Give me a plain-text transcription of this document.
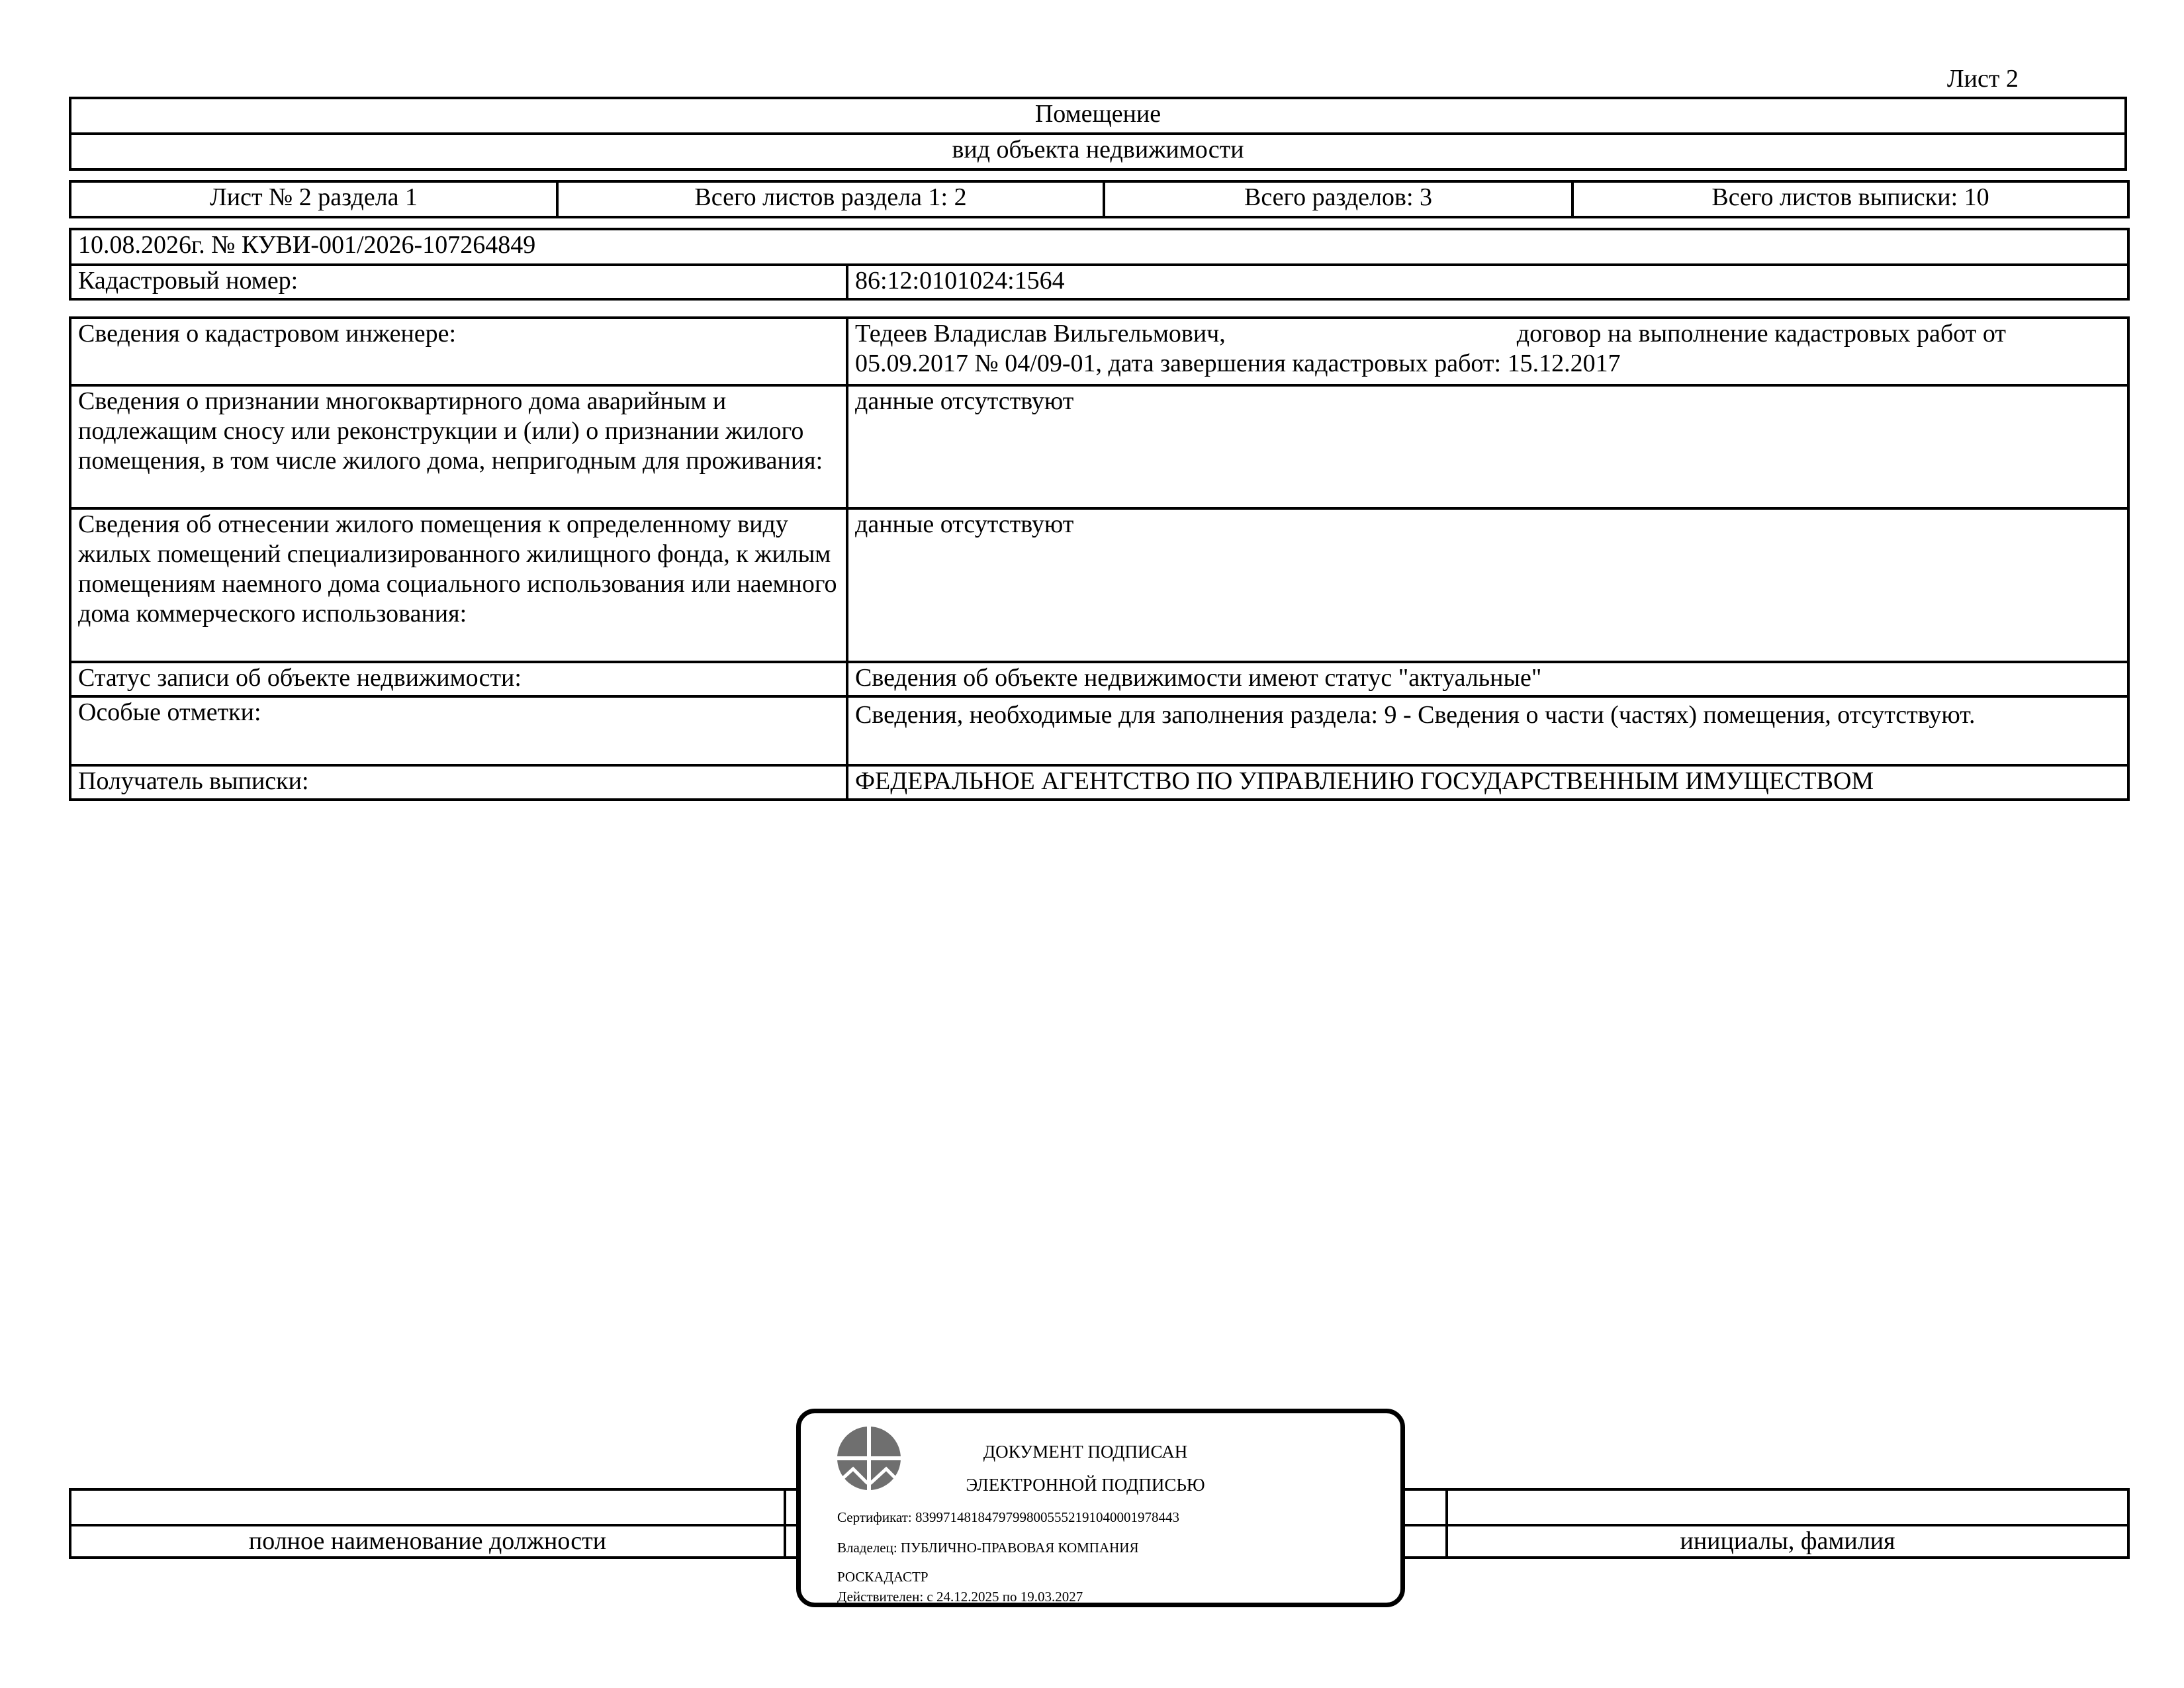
Лист 2
Помещение
вид объекта недвижимости
Лист № 2 раздела 1	Всего листов раздела 1: 2	Всего разделов: 3	Всего листов выписки: 10
10.08.2026г. № КУВИ-001/2026-107264849
Кадастровый номер:	86:12:0101024:1564
Сведения о кадастровом инженере:	Тедеев Владислав Вильгельмович, договор на выполнение кадастровых работ от
05.09.2017 № 04/09-01, дата завершения кадастровых работ: 15.12.2017
Сведения о признании многоквартирного дома аварийным и подлежащим сносу или реконструкции и (или) о признании жилого помещения, в том числе жилого дома, непригодным для проживания:	данные отсутствуют
Сведения об отнесении жилого помещения к определенному виду жилых помещений специализированного жилищного фонда, к жилым помещениям наемного дома социального использования или наемного дома коммерческого использования:	данные отсутствуют
Статус записи об объекте недвижимости:	Сведения об объекте недвижимости имеют статус "актуальные"
Особые отметки:	Сведения, необходимые для заполнения раздела: 9 - Сведения о части (частях) помещения, отсутствуют.
Получатель выписки:	ФЕДЕРАЛЬНОЕ АГЕНТСТВО ПО УПРАВЛЕНИЮ ГОСУДАРСТВЕННЫМ ИМУЩЕСТВОМ

полное наименование должности		инициалы, фамилия
ДОКУМЕНТ ПОДПИСАН
ЭЛЕКТРОННОЙ ПОДПИСЬЮ
Сертификат: 83997148184797998005552191040001978443
Владелец: ПУБЛИЧНО-ПРАВОВАЯ КОМПАНИЯ
РОСКАДАСТР
Действителен: с 24.12.2025 по 19.03.2027
